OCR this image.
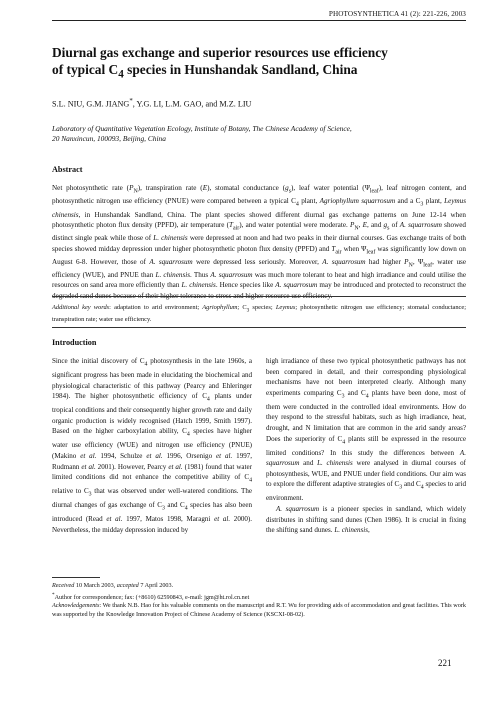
PHOTOSYNTHETICA 41 (2): 221-226, 2003
Diurnal gas exchange and superior resources use efficiency
of typical $C_4$ species in Hunshandak Sandland, China

S.L. NIU, G.M. JIANG*, Y.G. LI, L.M. GAO, and M.Z. LIU

Laboratory of Quantitative Vegetation Ecology, Institute of Botany, The Chinese Academy of Science,
20 Nanxincun, 100093, Beijing, China

Abstract

Net photosynthetic rate $(P_N)$, transpiration rate (E), stomatal conductance $(g_s)$, leaf water potential $(\Psi_{leaf})$, leaf nitrogen content, and photosynthetic nitrogen use efficiency (PNUE) were compared between a typical $C_4$ plant, Agriophyllum squarrosum and a $C_3$ plant, Leymus chinensis, in Hunshandak Sandland, China. The plant species showed different diurnal gas exchange patterns on June 12-14 when photosynthetic photon flux density (PPFD), air temperature $(T_{air})$, and water potential were moderate. $P_N$, E, and $g_s$ of A. squarrosum showed distinct single peak while those of L. chinensis were depressed at noon and had two peaks in their diurnal courses. Gas exchange traits of both species showed midday depression under higher photosynthetic photon flux density (PPFD) and $T_{air}$ when $\Psi_{leaf}$ was significantly low down on August 6-8. However, those of A. squarrosum were depressed less seriously. Moreover, A. squarrosum had higher $P_N$, $\Psi_{leaf}$, water use efficiency (WUE), and PNUE than L. chinensis. Thus A. squarrosum was much more tolerant to heat and high irradiance and could utilise the resources on sand area more efficiently than L. chinensis. Hence species like A. squarrosum may be introduced and protected to reconstruct the degraded sand dunes because of their higher tolerance to stress and higher resource use efficiency.

Additional key words: adaptation to arid environment; Agriophyllum; $C_3$ species; Leymus; photosynthetic nitrogen use efficiency; stomatal conductance; transpiration rate; water use efficiency.

Introduction

Since the initial discovery of $C_4$ photosynthesis in the late 1960s, a significant progress has been made in elucidating the biochemical and physiological characteristic of this pathway (Pearcy and Ehleringer 1984). The higher photosynthetic efficiency of $C_4$ plants under tropical conditions and their consequently higher growth rate and daily organic production is widely recognised (Hatch 1999, Smith 1997). Based on the higher carboxylation ability, $C_4$ species have higher water use efficiency (WUE) and nitrogen use efficiency (PNUE) (Makino et al. 1994, Schulze et al. 1996, Orsenigo et al. 1997, Rudmann et al. 2001). However, Pearcy et al. (1981) found that water limited conditions did not enhance the competitive ability of $C_4$ relative to $C_3$ that was observed under well-watered conditions. The diurnal changes of gas exchange of $C_3$ and $C_4$ species has also been introduced (Read et al. 1997, Matos 1998, Maragni et al. 2000). Nevertheless, the midday depression induced by

high irradiance of these two typical photosynthetic pathways has not been compared in detail, and their corresponding physiological mechanisms have not been interpreted clearly. Although many experiments comparing $C_3$ and $C_4$ plants have been done, most of them were conducted in the controlled ideal environments. How do they respond to the stressful habitats, such as high irradiance, heat, drought, and N limitation that are common in the arid sandy areas? Does the superiority of $C_4$ plants still be expressed in the resource limited conditions? In this study the differences between A. squarrosum and L. chinensis were analysed in diurnal courses of photosynthesis, WUE, and PNUE under field conditions. Our aim was to explore the different adaptive strategies of $C_3$ and $C_4$ species to arid environment.

A. squarrosum is a pioneer species in sandland, which widely distributes in shifting sand dunes (Chen 1986). It is crucial in fixing the shifting sand dunes. L. chinensis,

Received 10 March 2003, accepted 7 April 2003.

*Author for correspondence; fax: (+8610) 62590843, e-mail: jgm@ht.rol.cn.net

Acknowledgements: We thank N.B. Hao for his valuable comments on the manuscript and R.T. Wu for providing aids of accommodation and great facilities. This work was supported by the Knowledge Innovation Project of Chinese Academy of Science (KSCXI-08-02).

221
